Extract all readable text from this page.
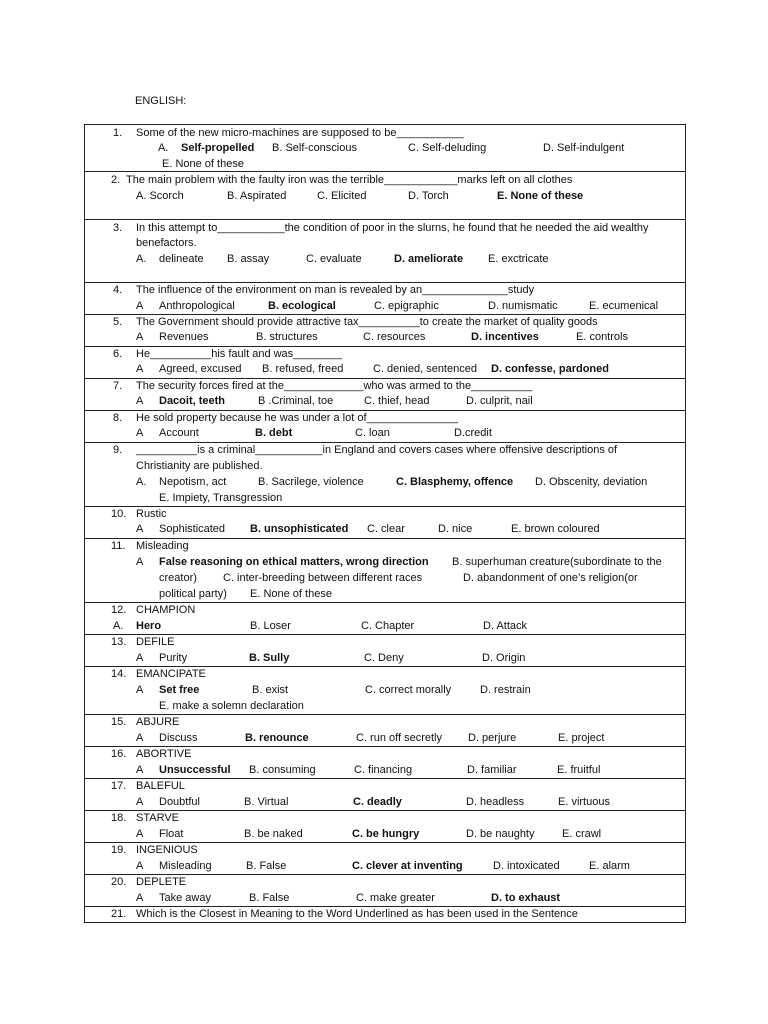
ENGLISH:
1. Some of the new micro-machines are supposed to be___________
A. Self-propelled B. Self-conscious	C. Self-deluding	D. Self-indulgent
E. None of these
2. The main problem with the faulty iron was the terrible____________marks left on all clothes
A. Scorch	B. Aspirated	C. Elicited	D. Torch	E. None of these
3. In this attempt to___________the condition of poor in the slurns, he found that he needed the aid wealthy
benefactors.
A. delineate B. assay	C. evaluate	D. ameliorate E. exctricate
4. The influence of the environment on man is revealed by an______________study
A Anthropological	B. ecological	C. epigraphic	D. numismatic	E. ecumenical
5. The Government should provide attractive tax__________to create the market of quality goods
A Revenues	B. structures	C. resources	D. incentives	E. controls
6. He__________his fault and was________
A Agreed, excused B. refused, freed	C. denied, sentenced D. confesse, pardoned
7. The security forces fired at the_____________who was armed to the__________
A Dacoit, teeth	B .Criminal, toe	C. thief, head	D. culprit, nail
8. He sold property because he was under a lot of_______________
A Account	B. debt	C. loan	D.credit
9. __________is a criminal___________in England and covers cases where offensive descriptions of
Christianity are published.
A. Nepotism, act	B. Sacrilege, violence	C. Blasphemy, offence D. Obscenity, deviation
E. Impiety, Transgression
10. Rustic
A Sophisticated B. unsophisticated C. clear	D. nice	E. brown coloured
11. Misleading
A False reasoning on ethical matters, wrong direction B. superhuman creature(subordinate to the
creator) C. inter-breeding between different races	D. abandonment of one’s religion(or
political party) E. None of these
12. CHAMPION
A. Hero	B. Loser	C. Chapter	D. Attack
13. DEFILE
A Purity	B. Sully	C. Deny	D. Origin
14. EMANCIPATE
A Set free	B. exist	C. correct morally	D. restrain
E. make a solemn declaration
15. ABJURE
A Discuss	B. renounce	C. run off secretly D. perjure	E. project
16. ABORTIVE
A Unsuccessful B. consuming	C. financing	D. familiar	E. fruitful
17. BALEFUL
A Doubtful	B. Virtual	C. deadly	D. headless	E. virtuous
18. STARVE
A Float	B. be naked	C. be hungry	D. be naughty	E. crawl
19. INGENIOUS
A Misleading	B. False	C. clever at inventing	D. intoxicated	E. alarm
20. DEPLETE
A Take away	B. False	C. make greater	D. to exhaust
21. Which is the Closest in Meaning to the Word Underlined as has been used in the Sentence
